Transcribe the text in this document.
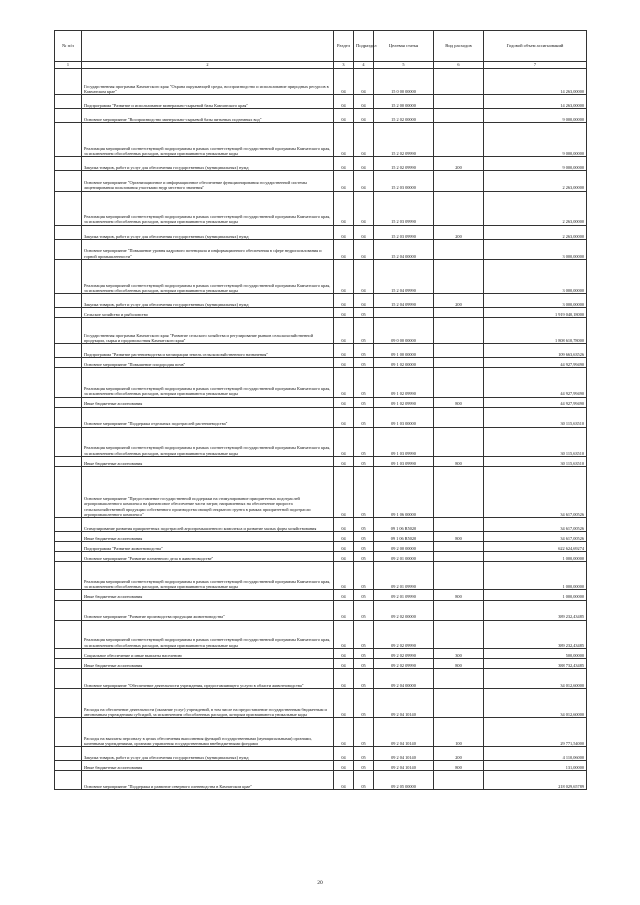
№ п/п		Раздел	Подраздел	Целевая статья	Вид расходов	Годовой объем ассигнований
1	2	3	4	5	6	7
	Государственная программа Камчатского края "Охрана окружающей среды, воспроизводство и использование природных ресурсов в Камчатском крае"	04	04	15 0 00 00000		14 263,00000
	Подпрограмма "Развитие и использование минерально-сырьевой базы Камчатского края"	04	04	15 2 00 00000		14 263,00000
	Основное мероприятие "Воспроизводство минерально-сырьевой базы питьевых подземных вод"	04	04	15 2 02 00000		9 000,00000
	Реализация мероприятий соответствующей подпрограммы в рамках соответствующей государственной программы Камчатского края, за исключением обособленных расходов, которым присваиваются уникальные коды	04	04	15 2 02 09990		9 000,00000
	Закупка товаров, работ и услуг для обеспечения государственных (муниципальных) нужд	04	04	15 2 02 09990	200	9 000,00000
	Основное мероприятие "Организационное и информационное обеспечение функционирования государственной системы лицензирования пользования участками недр местного значения"	04	04	15 2 03 00000		2 263,00000
	Реализация мероприятий соответствующей подпрограммы в рамках соответствующей государственной программы Камчатского края, за исключением обособленных расходов, которым присваиваются уникальные коды	04	04	15 2 03 09990		2 263,00000
	Закупка товаров, работ и услуг для обеспечения государственных (муниципальных) нужд	04	04	15 2 03 09990	200	2 263,00000
	Основное мероприятие "Повышение уровня кадрового потенциала и информационного обеспечения в сфере недропользования и горной промышленности"	04	04	15 2 04 00000		3 000,00000
	Реализация мероприятий соответствующей подпрограммы в рамках соответствующей государственной программы Камчатского края, за исключением обособленных расходов, которым присваиваются уникальные коды	04	04	15 2 04 09990		3 000,00000
	Закупка товаров, работ и услуг для обеспечения государственных (муниципальных) нужд	04	04	15 2 04 09990	200	3 000,00000
	Сельское хозяйство и рыболовство	04	05			1 919 040,18000
	Государственная программа Камчатского края "Развитие сельского хозяйства и регулирование рынков сельскохозяйственной продукции, сырья и продовольствия Камчатского края"	04	05	09 0 00 00000		1 808 610,78000
	Подпрограмма "Развитие растениеводства и мелиорации земель сельскохозяйственного назначения"	04	05	09 1 00 00000		109 663,63526
	Основное мероприятие "Повышение плодородия почв"	04	05	09 1 02 00000		44 927,99490
	Реализация мероприятий соответствующей подпрограммы в рамках соответствующей государственной программы Камчатского края, за исключением обособленных расходов, которым присваиваются уникальные коды	04	05	09 1 02 09990		44 927,99490
	Иные бюджетные ассигнования	04	05	09 1 02 09990	800	44 927,99490
	Основное мероприятие "Поддержка отдельных подотраслей растениеводства"	04	05	09 1 03 00000		30 115,63510
	Реализация мероприятий соответствующей подпрограммы в рамках соответствующей государственной программы Камчатского края, за исключением обособленных расходов, которым присваиваются уникальные коды	04	05	09 1 03 09990		30 115,63510
	Иные бюджетные ассигнования	04	05	09 1 03 09990	800	30 115,63510
	Основное мероприятие "Предоставление государственной поддержки на стимулирование приоритетных подотраслей агропромышленного комплекса на финансовое обеспечение части затрат, направленных на обеспечение прироста сельскохозяйственной продукции собственного производства овощей открытого грунта в рамках приоритетной подотрасли агропромышленного комплекса"	04	05	09 1 06 00000		34 617,00526
	Стимулирование развития приоритетных подотраслей агропромышленного комплекса и развитие малых форм хозяйствования	04	05	09 1 06 R5020		34 617,00526
	Иные бюджетные ассигнования	04	05	09 1 06 R5020	800	34 617,00526
	Подпрограмма "Развитие животноводства"	04	05	09 2 00 00000		622 624,69274
	Основное мероприятие "Развитие племенного дела в животноводстве"	04	05	09 2 01 00000		1 000,00000
	Реализация мероприятий соответствующей подпрограммы в рамках соответствующей государственной программы Камчатского края, за исключением обособленных расходов, которым присваиваются уникальные коды	04	05	09 2 01 09990		1 000,00000
	Иные бюджетные ассигнования	04	05	09 2 01 09990	800	1 000,00000
	Основное мероприятие "Развитие производства продукции животноводства"	04	05	09 2 02 00000		389 232,43485
	Реализация мероприятий соответствующей подпрограммы в рамках соответствующей государственной программы Камчатского края, за исключением обособленных расходов, которым присваиваются уникальные коды	04	05	09 2 02 09990		389 232,43485
	Социальное обеспечение и иные выплаты населению	04	05	09 2 02 09990	300	500,00000
	Иные бюджетные ассигнования	04	05	09 2 02 09990	800	388 732,43485
	Основное мероприятие "Обеспечение деятельности учреждения, предоставляющего услуги в области животноводства"	04	05	09 2 04 00000		34 012,60000
	Расходы на обеспечение деятельности (оказание услуг) учреждений, в том числе на предоставление государственным бюджетным и автономным учреждениям субсидий, за исключением обособленных расходов, которым присваиваются уникальные коды	04	05	09 2 04 10140		34 012,60000
	Расходы на выплаты персоналу в целях обеспечения выполнения функций государственными (муниципальными) органами, казенными учреждениями, органами управления государственными внебюджетными фондами	04	05	09 2 04 10140	100	29 771,54000
	Закупка товаров, работ и услуг для обеспечения государственных (муниципальных) нужд	04	05	09 2 04 10140	200	4 110,06000
	Иные бюджетные ассигнования	04	05	09 2 04 10140	800	131,00000
	Основное мероприятие "Поддержка и развитие северного оленеводства в Камчатском крае"	04	05	09 2 05 00000		218 029,65789
20
